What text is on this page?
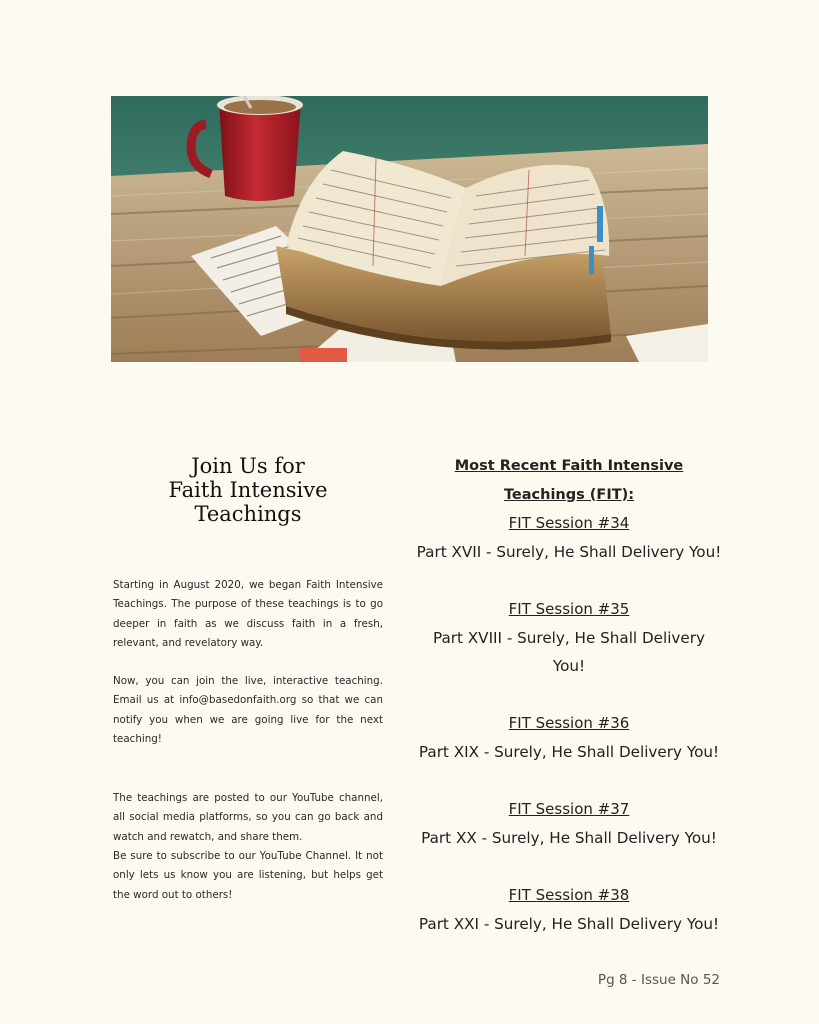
Join Us for
Faith Intensive
Teachings
Starting in August 2020, we began Faith Intensive Teachings. The purpose of these teachings is to go deeper in faith as we discuss faith in a fresh, relevant, and revelatory way.
Now, you can join the live, interactive teaching. Email us at info@basedonfaith.org so that we can notify you when we are going live for the next teaching!
The teachings are posted to our YouTube channel, all social media platforms, so you can go back and watch and rewatch, and share them.
Be sure to subscribe to our YouTube Channel. It not only lets us know you are listening, but helps get the word out to others!
Most Recent Faith Intensive
Teachings (FIT):
FIT Session #34
Part XVII - Surely, He Shall Delivery You!
FIT Session #35
Part XVIII - Surely, He Shall Delivery You!
FIT Session #36
Part XIX - Surely, He Shall Delivery You!
FIT Session #37
Part XX - Surely, He Shall Delivery You!
FIT Session #38
Part XXI - Surely, He Shall Delivery You!
Pg 8 - Issue No 52
